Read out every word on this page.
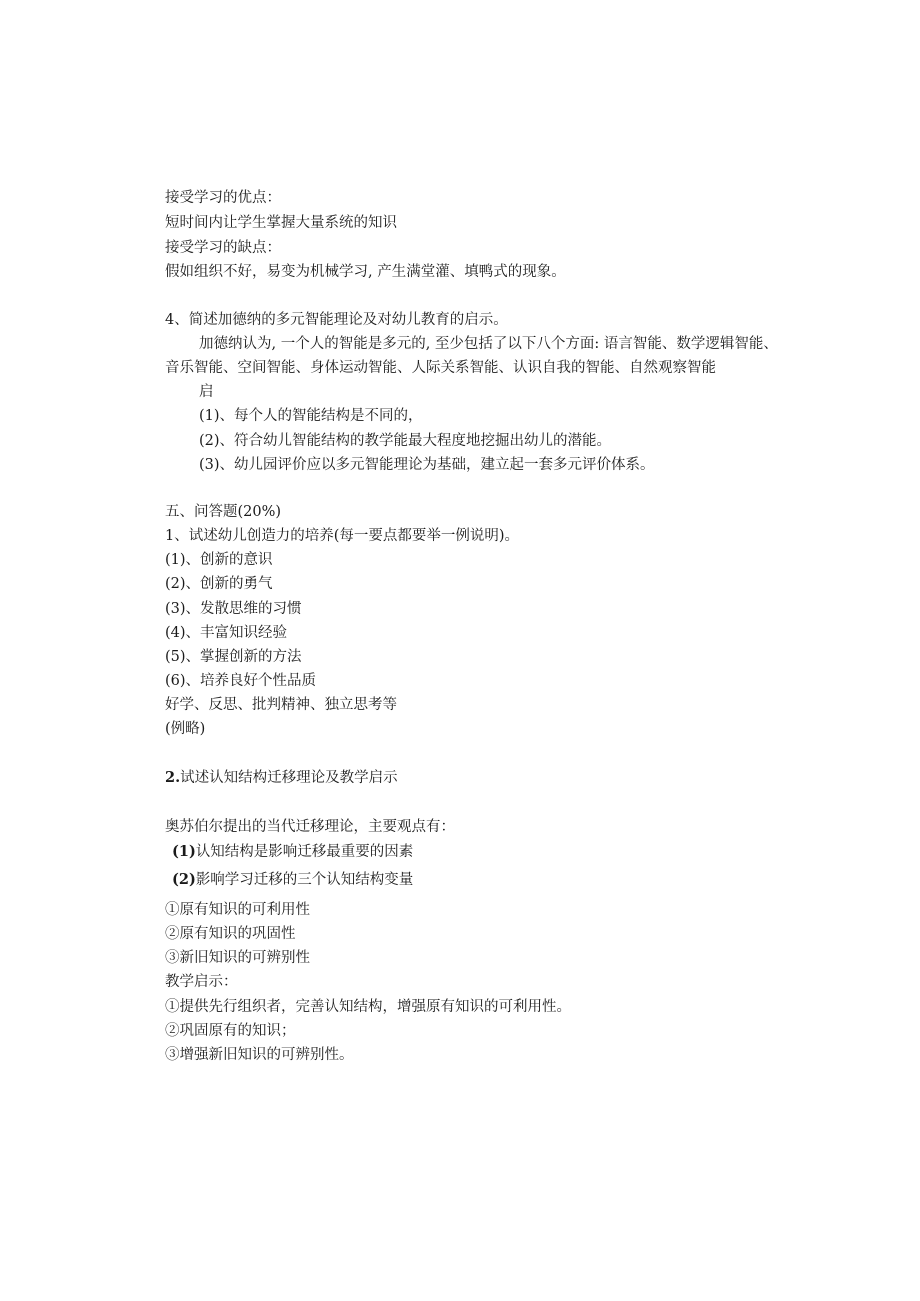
接受学习的优点：
短时间内让学生掌握大量系统的知识
接受学习的缺点：
假如组织不好，易变为机械学习, 产生满堂灌、填鸭式的现象。
4、简述加德纳的多元智能理论及对幼儿教育的启示。
加德纳认为, 一个人的智能是多元的, 至少包括了以下八个方面: 语言智能、数学逻辑智能、
音乐智能、空间智能、身体运动智能、人际关系智能、认识自我的智能、自然观察智能
启
(1)、每个人的智能结构是不同的，
(2)、符合幼儿智能结构的教学能最大程度地挖掘出幼儿的潜能。
(3)、幼儿园评价应以多元智能理论为基础，建立起一套多元评价体系。
五、问答题(20%)
1、试述幼儿创造力的培养(每一要点都要举一例说明)。
(1)、创新的意识
(2)、创新的勇气
(3)、发散思维的习惯
(4)、丰富知识经验
(5)、掌握创新的方法
(6)、培养良好个性品质
好学、反思、批判精神、独立思考等
(例略)
2.试述认知结构迁移理论及教学启示
奥苏伯尔提出的当代迁移理论，主要观点有：
(1)认知结构是影响迁移最重要的因素
(2)影响学习迁移的三个认知结构变量
①原有知识的可利用性
②原有知识的巩固性
③新旧知识的可辨别性
教学启示：
①提供先行组织者，完善认知结构，增强原有知识的可利用性。
②巩固原有的知识；
③增强新旧知识的可辨别性。
